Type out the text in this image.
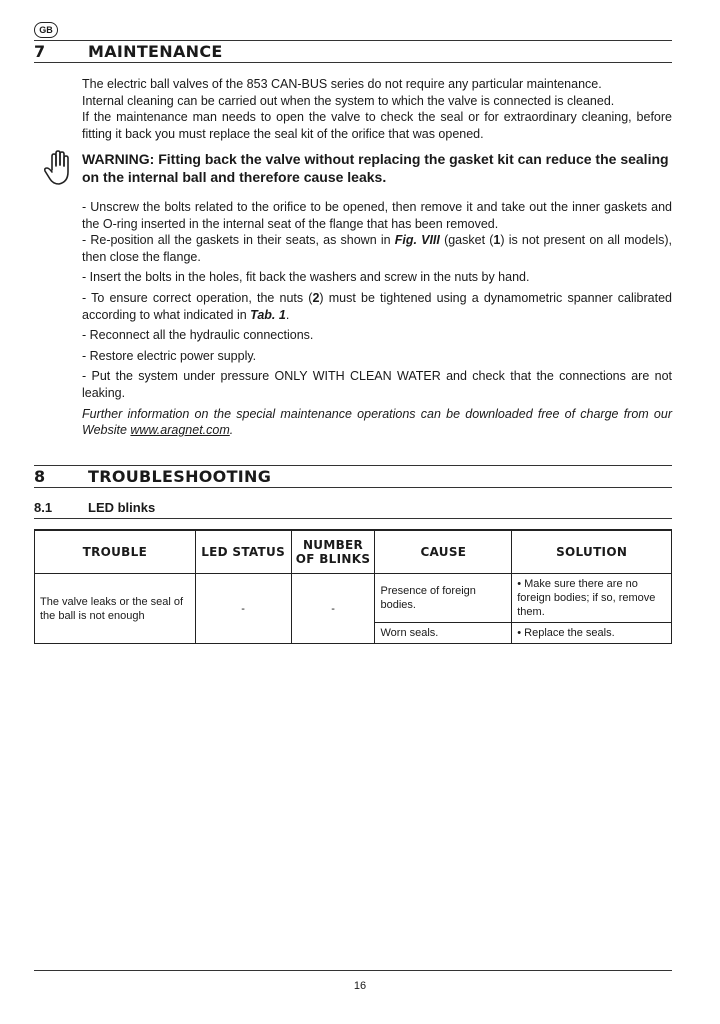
GB
7	MAINTENANCE

The electric ball valves of the 853 CAN-BUS series do not require any particular maintenance.

Internal cleaning can be carried out when the system to which the valve is connected is cleaned.

If the maintenance man needs to open the valve to check the seal or for extraordinary cleaning, before fitting it back you must replace the seal kit of the orifice that was opened.

WARNING: Fitting back the valve without replacing the gasket kit can reduce the sealing on the internal ball and therefore cause leaks.

- Unscrew the bolts related to the orifice to be opened, then remove it and take out the inner gaskets and the O-ring inserted in the internal seat of the flange that has been removed.

- Re-position all the gaskets in their seats, as shown in Fig. VIII (gasket (1) is not present on all models), then close the flange.

- Insert the bolts in the holes, fit back the washers and screw in the nuts by hand.

- To ensure correct operation, the nuts (2) must be tightened using a dynamometric spanner calibrated according to what indicated in Tab. 1.

- Reconnect all the hydraulic connections.

- Restore electric power supply.

- Put the system under pressure ONLY WITH CLEAN WATER and check that the connections are not leaking.

Further information on the special maintenance operations can be downloaded free of charge from our Website www.aragnet.com.

8	TROUBLESHOOTING
8.1	LED blinks
TROUBLE	LED STATUS	NUMBER OF BLINKS	CAUSE	SOLUTION
The valve leaks or the seal of the ball is not enough	-	-	Presence of foreign bodies.	• Make sure there are no foreign bodies; if so, remove them.
			Worn seals.	• Replace the seals.
16
